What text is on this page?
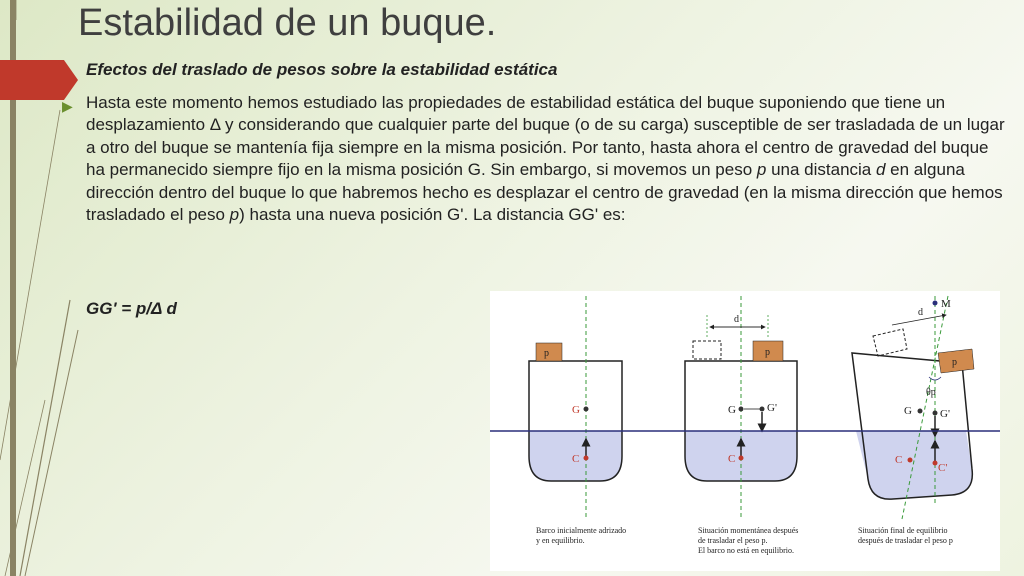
Estabilidad de un buque.
Efectos del traslado de pesos sobre la estabilidad estática
▶ Hasta este momento hemos estudiado las propiedades de estabilidad estática del buque suponiendo que tiene un desplazamiento Δ y considerando que cualquier parte del buque (o de su carga) susceptible de ser trasladada de un lugar a otro del buque se mantenía fija siempre en la misma posición. Por tanto, hasta ahora el centro de gravedad del buque ha permanecido siempre fijo en la misma posición G. Sin embargo, si movemos un peso p una distancia d en alguna dirección dentro del buque lo que habremos hecho es desplazar el centro de gravedad (en la misma dirección que hemos trasladado el peso p) hasta una nueva posición G'. La distancia GG' es:
GG' = p/Δ d
p
G
C
p
d
G	G'
C
M
p
d
θp
G	G'
C
C'
Barco inicialmente adrizado
y en equilibrio.
Situación momentánea después
de trasladar el peso p.
El barco no está en equilibrio.
Situación final de equilibrio
después de trasladar el peso p
